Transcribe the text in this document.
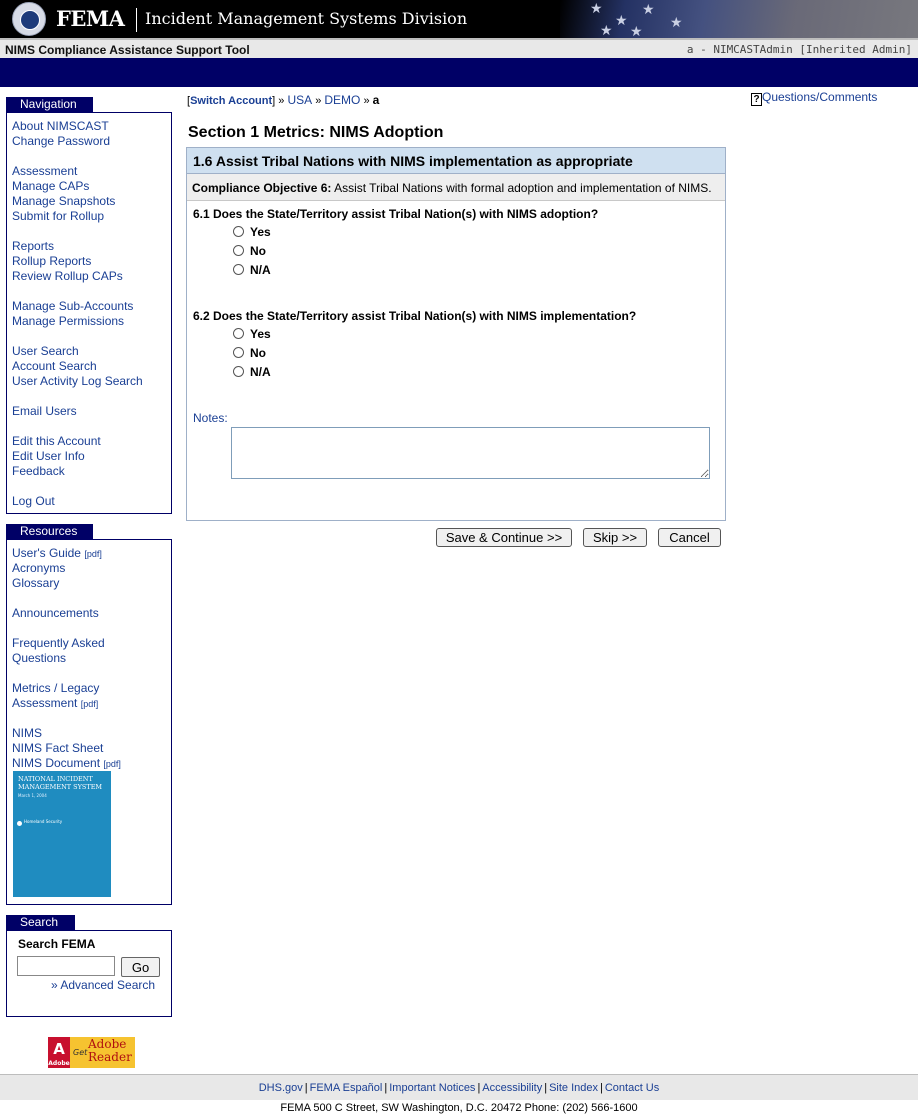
FEMA Incident Management Systems Division	★
★
★
★	★
★
NIMS Compliance Assistance Support Tool	a - NIMCASTAdmin [Inherited Admin]
Navigation
About NIMSCAST
Change Password
Assessment
Manage CAPs
Manage Snapshots
Submit for Rollup
Reports
Rollup Reports
Review Rollup CAPs
Manage Sub-Accounts
Manage Permissions
User Search
Account Search
User Activity Log Search
Email Users
Edit this Account
Edit User Info
Feedback
Log Out
Resources
User's Guide [pdf]
Acronyms
Glossary
Announcements
Frequently Asked
Questions
Metrics / Legacy
Assessment [pdf]
NIMS
NIMS Fact Sheet
NIMS Document [pdf]
NATIONAL INCIDENT MANAGEMENT SYSTEM
March 1, 2004
Homeland Security
Search
Search FEMA
Go
» Advanced Search
A
Adobe
Get
Adobe Reader
[Switch Account] » USA » DEMO » a	? Questions/Comments
Section 1 Metrics: NIMS Adoption
1.6 Assist Tribal Nations with NIMS implementation as appropriate
Compliance Objective 6: Assist Tribal Nations with formal adoption and implementation of NIMS.
6.1 Does the State/Territory assist Tribal Nation(s) with NIMS adoption?
Yes
No
N/A
6.2 Does the State/Territory assist Tribal Nation(s) with NIMS implementation?
Yes
No
N/A
Notes:
Save & Continue >>	Skip >>	Cancel
DHS.gov | FEMA Español | Important Notices | Accessibility | Site Index | Contact Us
FEMA 500 C Street, SW Washington, D.C. 20472 Phone: (202) 566-1600
